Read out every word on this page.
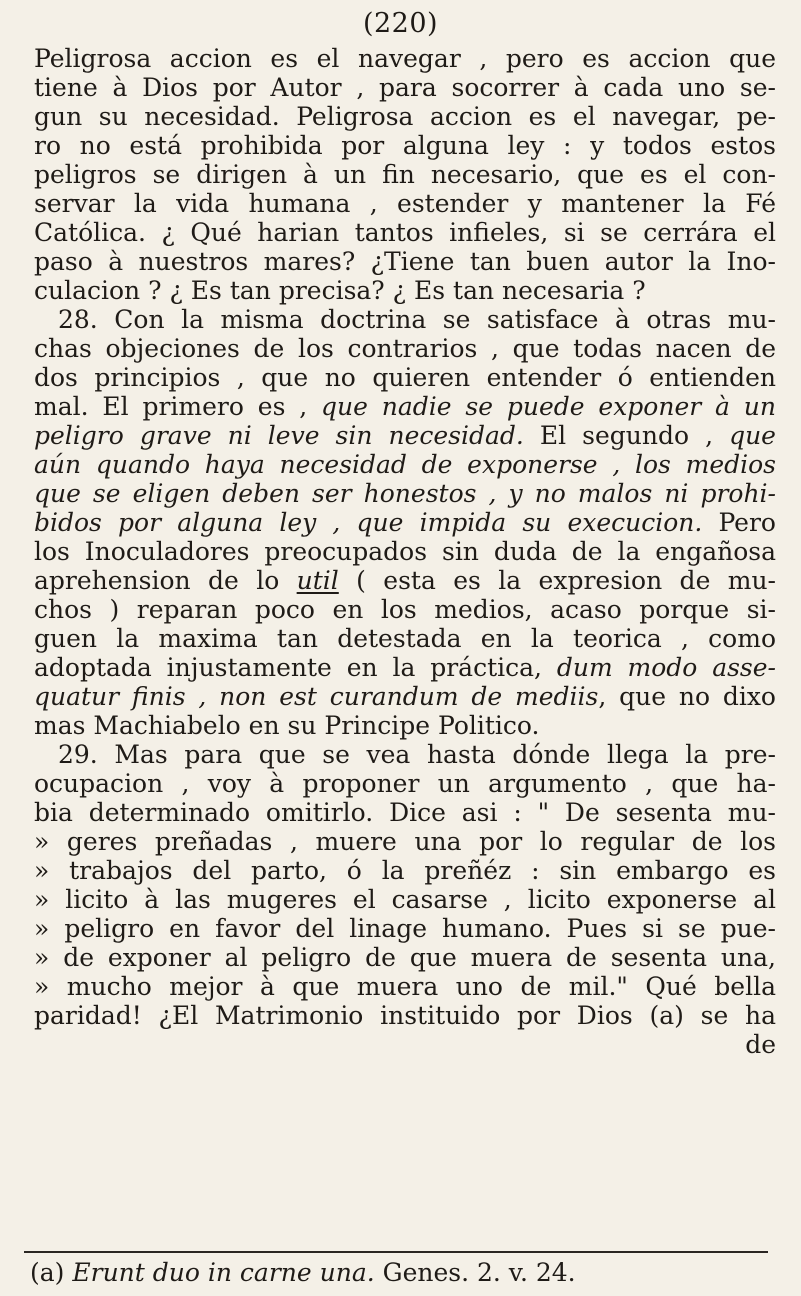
(220)
Peligrosa accion es el navegar , pero es accion que
tiene à Dios por Autor , para socorrer à cada uno se-
gun su necesidad. Peligrosa accion es el navegar, pe-
ro no está prohibida por alguna ley : y todos estos
peligros se dirigen à un fin necesario, que es el con-
servar la vida humana , estender y mantener la Fé
Católica. ¿ Qué harian tantos infieles, si se cerrára el
paso à nuestros mares? ¿Tiene tan buen autor la Ino-
culacion ? ¿ Es tan precisa? ¿ Es tan necesaria ?
28. Con la misma doctrina se satisface à otras mu-
chas objeciones de los contrarios , que todas nacen de
dos principios , que no quieren entender ó entienden
mal. El primero es , que nadie se puede exponer à un
peligro grave ni leve sin necesidad. El segundo , que
aún quando haya necesidad de exponerse , los medios
que se eligen deben ser honestos , y no malos ni prohi-
bidos por alguna ley , que impida su execucion. Pero
los Inoculadores preocupados sin duda de la engañosa
aprehension de lo util ( esta es la expresion de mu-
chos ) reparan poco en los medios, acaso porque si-
guen la maxima tan detestada en la teorica , como
adoptada injustamente en la práctica, dum modo asse-
quatur finis , non est curandum de mediis, que no dixo
mas Machiabelo en su Principe Politico.
29. Mas para que se vea hasta dónde llega la pre-
ocupacion , voy à proponer un argumento , que ha-
bia determinado omitirlo. Dice asi : " De sesenta mu-
» geres preñadas , muere una por lo regular de los
» trabajos del parto, ó la preñéz : sin embargo es
» licito à las mugeres el casarse , licito exponerse al
» peligro en favor del linage humano. Pues si se pue-
» de exponer al peligro de que muera de sesenta una,
» mucho mejor à que muera uno de mil." Qué bella
paridad! ¿El Matrimonio instituido por Dios (a) se ha
de
(a) Erunt duo in carne una. Genes. 2. v. 24.
